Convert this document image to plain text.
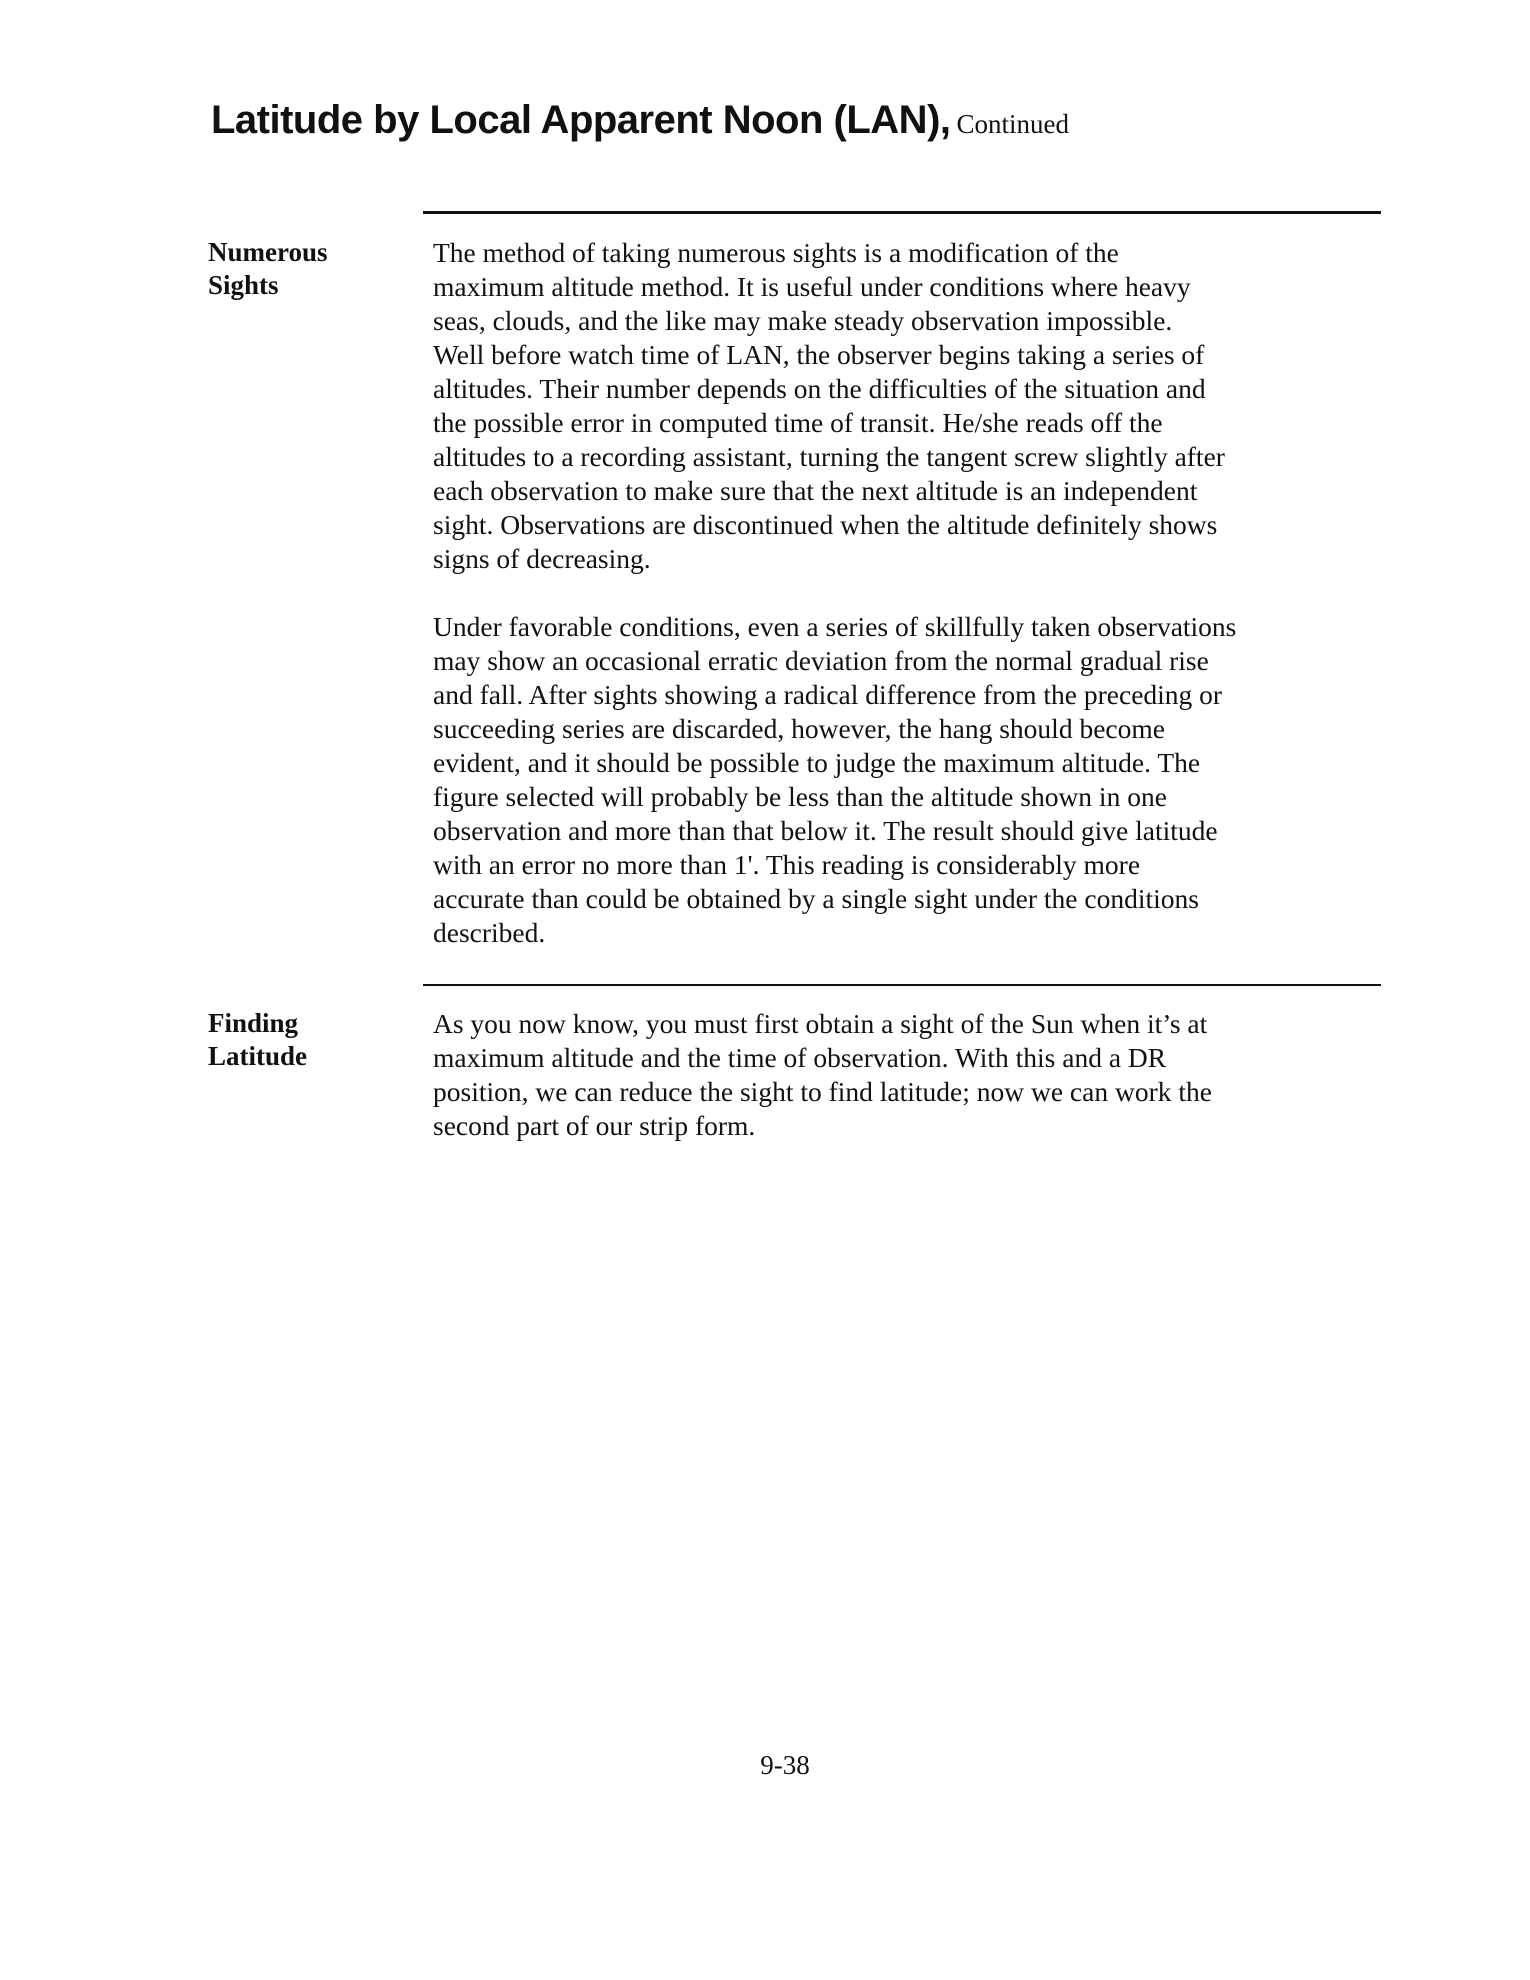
Latitude by Local Apparent Noon (LAN), Continued
Numerous
Sights
The method of taking numerous sights is a modification of the
maximum altitude method. It is useful under conditions where heavy
seas, clouds, and the like may make steady observation impossible.
Well before watch time of LAN, the observer begins taking a series of
altitudes. Their number depends on the difficulties of the situation and
the possible error in computed time of transit. He/she reads off the
altitudes to a recording assistant, turning the tangent screw slightly after
each observation to make sure that the next altitude is an independent
sight. Observations are discontinued when the altitude definitely shows
signs of decreasing.
Under favorable conditions, even a series of skillfully taken observations
may show an occasional erratic deviation from the normal gradual rise
and fall. After sights showing a radical difference from the preceding or
succeeding series are discarded, however, the hang should become
evident, and it should be possible to judge the maximum altitude. The
figure selected will probably be less than the altitude shown in one
observation and more than that below it. The result should give latitude
with an error no more than 1'. This reading is considerably more
accurate than could be obtained by a single sight under the conditions
described.
Finding
Latitude
As you now know, you must first obtain a sight of the Sun when it’s at
maximum altitude and the time of observation. With this and a DR
position, we can reduce the sight to find latitude; now we can work the
second part of our strip form.
9-38
